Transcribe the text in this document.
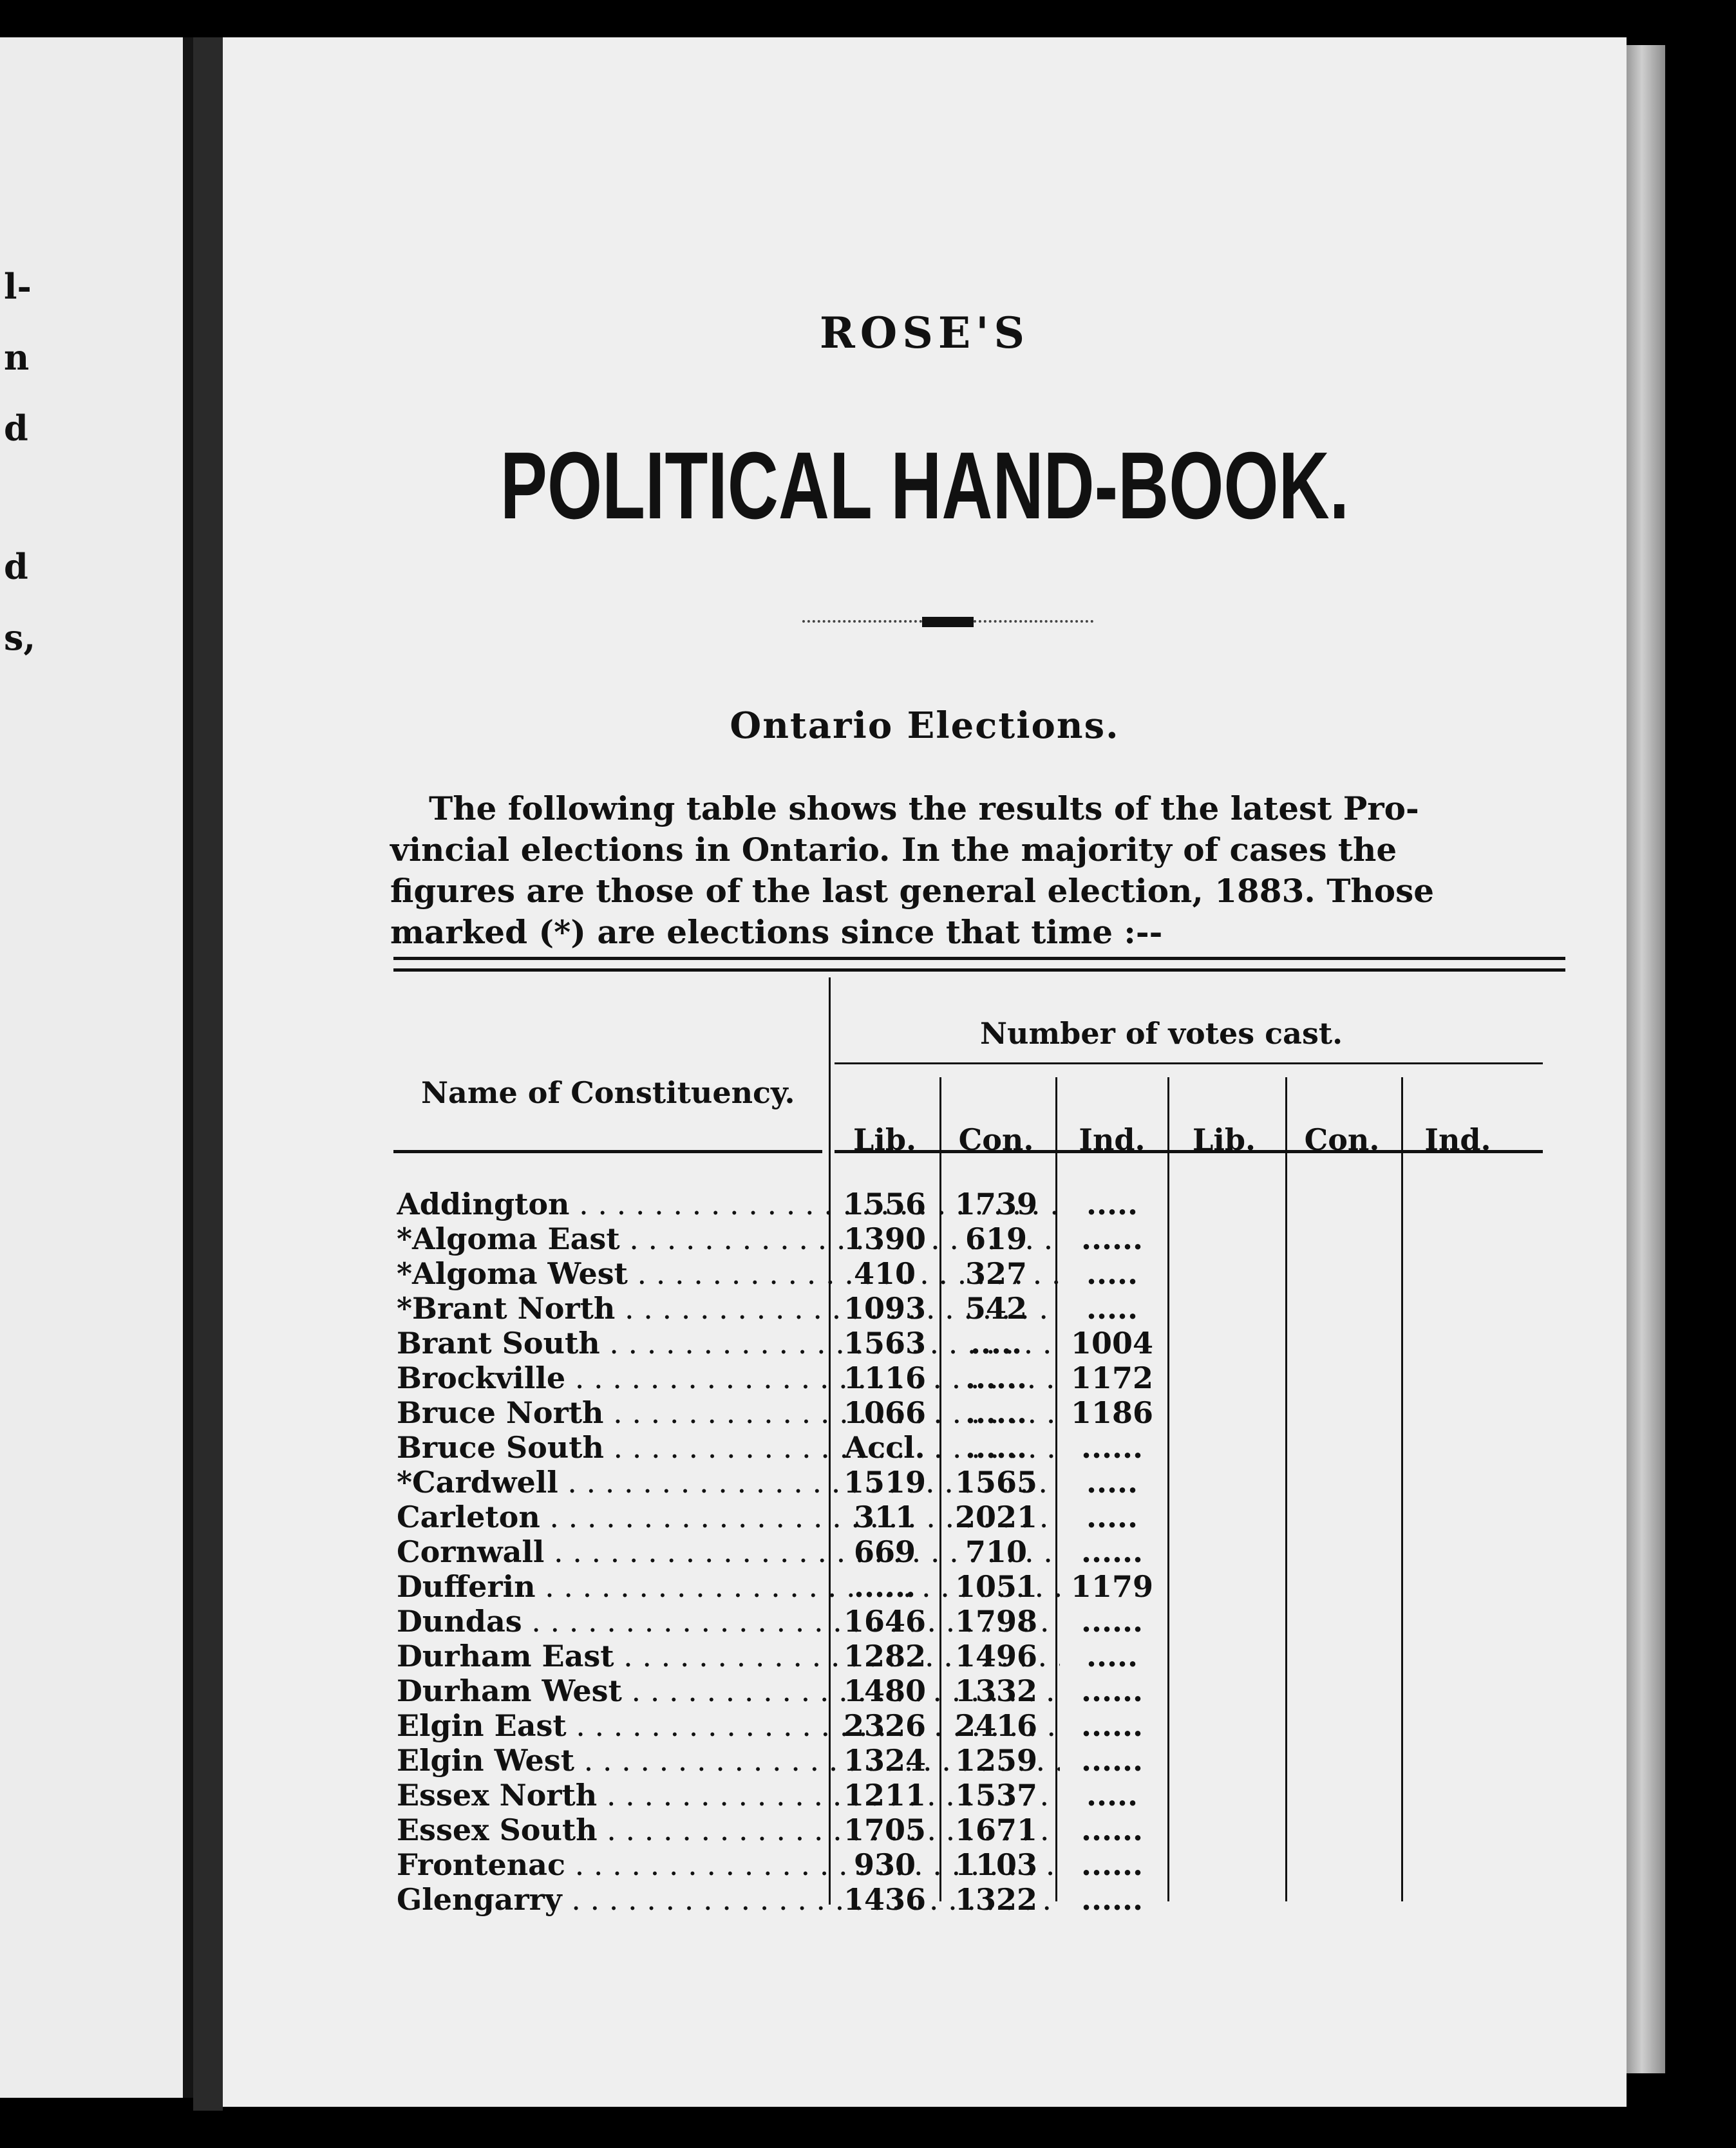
l-
n
d
d
s,
ROSE'S
POLITICAL HAND-BOOK.
Ontario Elections.
The following table shows the results of the latest Pro-
vincial elections in Ontario. In the majority of cases the
figures are those of the last general election, 1883. Those
marked (*) are elections since that time :--
Name of Constituency.
Number of votes cast.
Lib.	Con.	Ind.	Lib.	Con.	Ind.
Addington . . .	1556 1739	.....
*Algoma East . . .	1390	619	......
*Algoma West . . .	410	327	.....
*Brant North . . .	1093	542	.....
Brant South . . .	1563	.....	1004
Brockville . . .	1116	......	1172
Bruce North . . .	1066	......	1186
Bruce South . . .	Accl.	......	......
*Cardwell . . .	1519 1565	.....
Carleton . . .	311	2021	.....
Cornwall . . .	669	710	......
Dufferin . . .	......	1051	1179
Dundas . . .	1646 1798	......
Durham East . . .	1282 1496	.....
Durham West . . .	1480 1332	......
Elgin East . . .	2326 2416	......
Elgin West . . .	1324 1259	......
Essex North . . .	1211 1537	.....
Essex South . . .	1705 1671	......
Frontenac . . .	930	1103	......
Glengarry . . .	1436 1322	......
